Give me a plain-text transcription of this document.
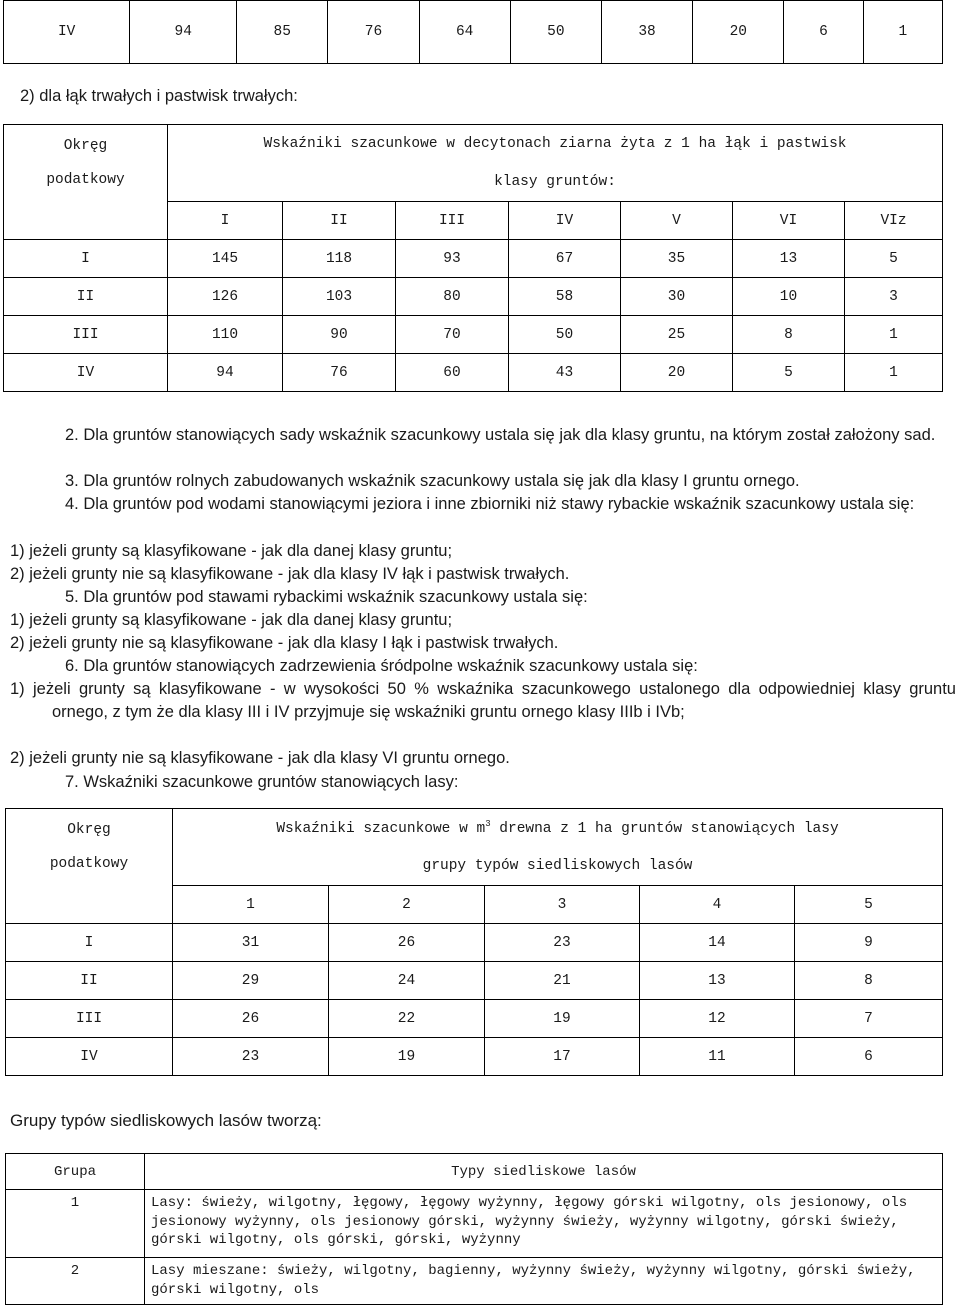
IV	94	85	76	64	50	38	20	6	1
2) dla łąk trwałych i pastwisk trwałych:
Okręg
podatkowy	Wskaźniki szacunkowe w decytonach ziarna żyta z 1 ha łąk i pastwisk						
	klasy gruntów:						
	I	II	III	IV	V	VI	VIz
I	145	118	93	67	35	13	5
II	126	103	80	58	30	10	3
III	110	90	70	50	25	8	1
IV	94	76	60	43	20	5	1
2. Dla gruntów stanowiących sady wskaźnik szacunkowy ustala się jak dla klasy gruntu, na którym został założony sad.
3. Dla gruntów rolnych zabudowanych wskaźnik szacunkowy ustala się jak dla klasy I gruntu ornego.
4. Dla gruntów pod wodami stanowiącymi jeziora i inne zbiorniki niż stawy rybackie wskaźnik szacunkowy ustala się:
1) jeżeli grunty są klasyfikowane - jak dla danej klasy gruntu;
2) jeżeli grunty nie są klasyfikowane - jak dla klasy IV łąk i pastwisk trwałych.
5. Dla gruntów pod stawami rybackimi wskaźnik szacunkowy ustala się:
1) jeżeli grunty są klasyfikowane - jak dla danej klasy gruntu;
2) jeżeli grunty nie są klasyfikowane - jak dla klasy I łąk i pastwisk trwałych.
6. Dla gruntów stanowiących zadrzewienia śródpolne wskaźnik szacunkowy ustala się:
1) jeżeli grunty są klasyfikowane - w wysokości 50 % wskaźnika szacunkowego ustalonego dla odpowiedniej klasy gruntu ornego, z tym że dla klasy III i IV przyjmuje się wskaźniki gruntu ornego klasy IIIb i IVb;
2) jeżeli grunty nie są klasyfikowane - jak dla klasy VI gruntu ornego.
7. Wskaźniki szacunkowe gruntów stanowiących lasy:
Okręg
podatkowy	Wskaźniki szacunkowe w $m^3$ drewna z 1 ha gruntów stanowiących lasy				
	grupy typów siedliskowych lasów				
	1	2	3	4	5
I	31	26	23	14	9
II	29	24	21	13	8
III	26	22	19	12	7
IV	23	19	17	11	6
Grupy typów siedliskowych lasów tworzą:
Grupa	Typy siedliskowe lasów
1	Lasy: świeży, wilgotny, łęgowy, łęgowy wyżynny, łęgowy górski wilgotny, ols jesionowy, ols jesionowy wyżynny, ols jesionowy górski, wyżynny świeży, wyżynny wilgotny, górski świeży, górski wilgotny, ols górski, górski, wyżynny
2	Lasy mieszane: świeży, wilgotny, bagienny, wyżynny świeży, wyżynny wilgotny, górski świeży, górski wilgotny, ols
